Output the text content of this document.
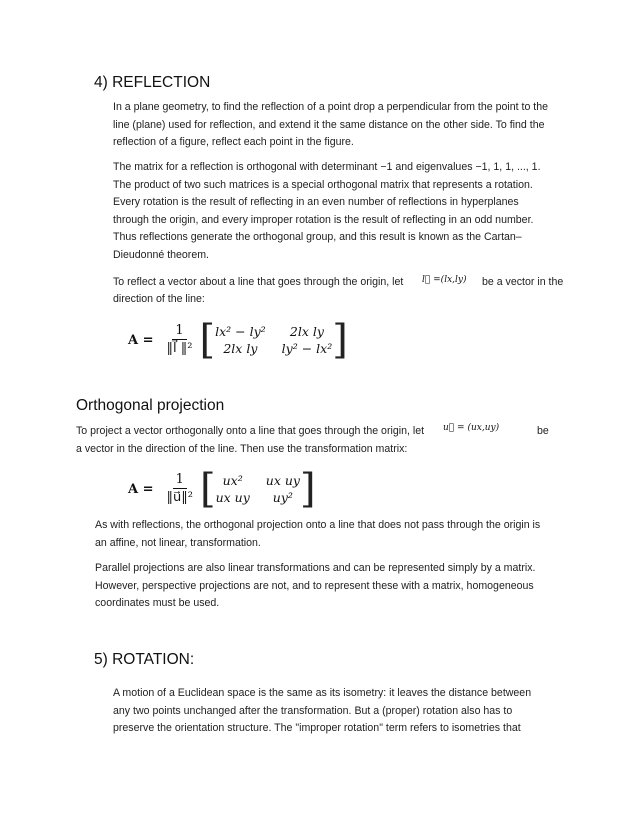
4) REFLECTION

In a plane geometry, to find the reflection of a point drop a perpendicular from the point to the

line (plane) used for reflection, and extend it the same distance on the other side. To find the

reflection of a figure, reflect each point in the figure.

The matrix for a reflection is orthogonal with determinant −1 and eigenvalues −1, 1, 1, ..., 1.

The product of two such matrices is a special orthogonal matrix that represents a rotation.

Every rotation is the result of reflecting in an even number of reflections in hyperplanes

through the origin, and every improper rotation is the result of reflecting in an odd number.

Thus reflections generate the orthogonal group, and this result is known as the Cartan–

Dieudonné theorem.

To reflect a vector about a line that goes through the origin, let l⃗ =(lx,ly) be a vector in the

direction of the line:

$A = \frac{1}{\text{‖l⃗ ‖²}}$ [ lx² − ly²	2lx ly
2lx ly	ly² − lx² ]
Orthogonal projection

To project a vector orthogonally onto a line that goes through the origin, let u⃗ = (ux,uy)	be

a vector in the direction of the line. Then use the transformation matrix:

$A = \frac{1}{\text{‖u⃗‖²}}$ [ ux²	ux uy
ux uy	uy² ]

As with reflections, the orthogonal projection onto a line that does not pass through the origin is

an affine, not linear, transformation.

Parallel projections are also linear transformations and can be represented simply by a matrix.

However, perspective projections are not, and to represent these with a matrix, homogeneous

coordinates must be used.

5) ROTATION:

A motion of a Euclidean space is the same as its isometry: it leaves the distance between

any two points unchanged after the transformation. But a (proper) rotation also has to

preserve the orientation structure. The "improper rotation" term refers to isometries that
